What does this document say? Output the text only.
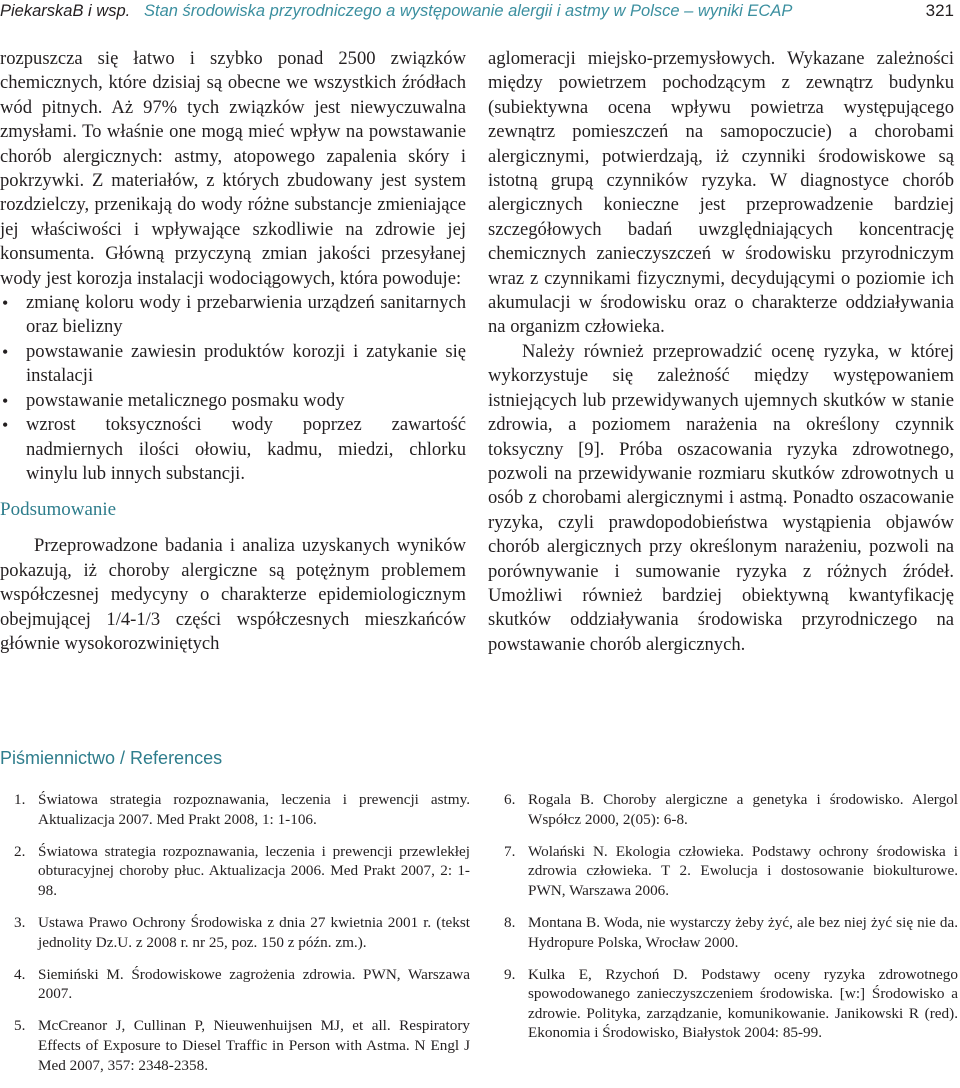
PiekarskaB i wsp. Stan środowiska przyrodniczego a występowanie alergii i astmy w Polsce – wyniki ECAP	321

rozpuszcza się łatwo i szybko ponad 2500 związków chemicznych, które dzisiaj są obecne we wszystkich źródłach wód pitnych. Aż 97% tych związków jest niewyczuwalna zmysłami. To właśnie one mogą mieć wpływ na powstawanie chorób alergicznych: astmy, atopowego zapalenia skóry i pokrzywki. Z materiałów, z których zbudowany jest system rozdzielczy, przenikają do wody różne substancje zmieniające jej właściwości i wpływające szkodliwie na zdrowie jej konsumenta. Główną przyczyną zmian jakości przesyłanej wody jest korozja instalacji wodociągowych, która powoduje:

• zmianę koloru wody i przebarwienia urządzeń sanitarnych oraz bielizny
• powstawanie zawiesin produktów korozji i zatykanie się instalacji
• powstawanie metalicznego posmaku wody
• wzrost toksyczności wody poprzez zawartość nadmiernych ilości ołowiu, kadmu, miedzi, chlorku winylu lub innych substancji.
Podsumowanie

Przeprowadzone badania i analiza uzyskanych wyników pokazują, iż choroby alergiczne są potężnym problemem współczesnej medycyny o charakterze epidemiologicznym obejmującej 1/4-1/3 części współczesnych mieszkańców głównie wysokorozwiniętych

aglomeracji miejsko-przemysłowych. Wykazane zależności między powietrzem pochodzącym z zewnątrz budynku (subiektywna ocena wpływu powietrza występującego zewnątrz pomieszczeń na samopoczucie) a chorobami alergicznymi, potwierdzają, iż czynniki środowiskowe są istotną grupą czynników ryzyka. W diagnostyce chorób alergicznych konieczne jest przeprowadzenie bardziej szczegółowych badań uwzględniających koncentrację chemicznych zanieczyszczeń w środowisku przyrodniczym wraz z czynnikami fizycznymi, decydującymi o poziomie ich akumulacji w środowisku oraz o charakterze oddziaływania na organizm człowieka.

Należy również przeprowadzić ocenę ryzyka, w której wykorzystuje się zależność między występowaniem istniejących lub przewidywanych ujemnych skutków w stanie zdrowia, a poziomem narażenia na określony czynnik toksyczny [9]. Próba oszacowania ryzyka zdrowotnego, pozwoli na przewidywanie rozmiaru skutków zdrowotnych u osób z chorobami alergicznymi i astmą. Ponadto oszacowanie ryzyka, czyli prawdopodobieństwa wystąpienia objawów chorób alergicznych przy określonym narażeniu, pozwoli na porównywanie i sumowanie ryzyka z różnych źródeł. Umożliwi również bardziej obiektywną kwantyfikację skutków oddziaływania środowiska przyrodniczego na powstawanie chorób alergicznych.

Piśmiennictwo / References
1. Światowa strategia rozpoznawania, leczenia i prewencji astmy. Aktualizacja 2007. Med Prakt 2008, 1: 1-106.
2. Światowa strategia rozpoznawania, leczenia i prewencji przewlekłej obturacyjnej choroby płuc. Aktualizacja 2006. Med Prakt 2007, 2: 1-98.
3. Ustawa Prawo Ochrony Środowiska z dnia 27 kwietnia 2001 r. (tekst jednolity Dz.U. z 2008 r. nr 25, poz. 150 z późn. zm.).
4. Siemiński M. Środowiskowe zagrożenia zdrowia. PWN, Warszawa 2007.
5. McCreanor J, Cullinan P, Nieuwenhuijsen MJ, et all. Respiratory Effects of Exposure to Diesel Traffic in Person with Astma. N Engl J Med 2007, 357: 2348-2358.
6. Rogala B. Choroby alergiczne a genetyka i środowisko. Alergol Współcz 2000, 2(05): 6-8.
7. Wolański N. Ekologia człowieka. Podstawy ochrony środowiska i zdrowia człowieka. T 2. Ewolucja i dostosowanie biokulturowe. PWN, Warszawa 2006.
8. Montana B. Woda, nie wystarczy żeby żyć, ale bez niej żyć się nie da. Hydropure Polska, Wrocław 2000.
9. Kulka E, Rzychoń D. Podstawy oceny ryzyka zdrowotnego spowodowanego zanieczyszczeniem środowiska. [w:] Środowisko a zdrowie. Polityka, zarządzanie, komunikowanie. Janikowski R (red). Ekonomia i Środowisko, Białystok 2004: 85-99.
